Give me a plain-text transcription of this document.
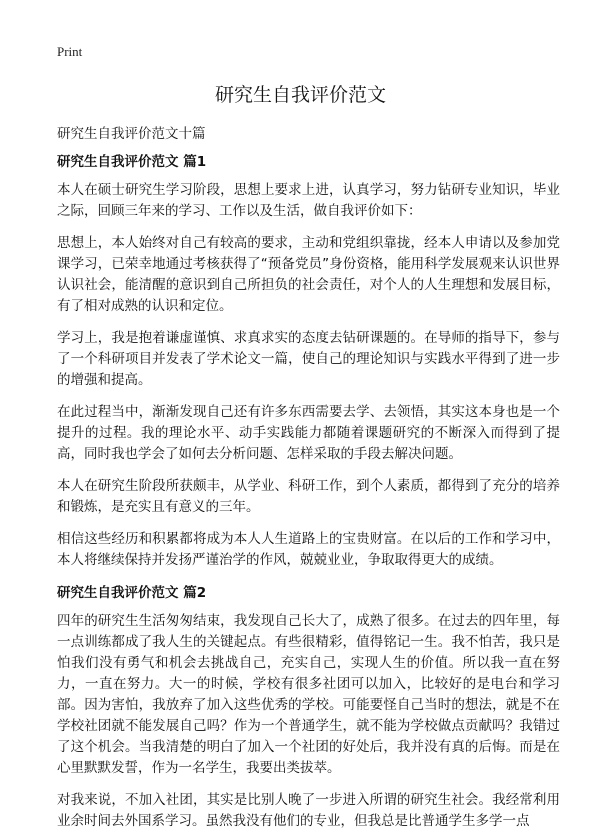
Print
研究生自我评价范文
研究生自我评价范文十篇
研究生自我评价范文 篇1

本人在硕士研究生学习阶段，思想上要求上进，认真学习，努力钻研专业知识，毕业之际，回顾三年来的学习、工作以及生活，做自我评价如下：

思想上，本人始终对自己有较高的要求，主动和党组织靠拢，经本人申请以及参加党课学习，已荣幸地通过考核获得了“预备党员”身份资格，能用科学发展观来认识世界认识社会，能清醒的意识到自己所担负的社会责任，对个人的人生理想和发展目标，有了相对成熟的认识和定位。

学习上，我是抱着谦虚谨慎、求真求实的态度去钻研课题的。在导师的指导下，参与了一个科研项目并发表了学术论文一篇，使自己的理论知识与实践水平得到了进一步的增强和提高。

在此过程当中，渐渐发现自己还有许多东西需要去学、去领悟，其实这本身也是一个提升的过程。我的理论水平、动手实践能力都随着课题研究的不断深入而得到了提高，同时我也学会了如何去分析问题、怎样采取的手段去解决问题。

本人在研究生阶段所获颇丰，从学业、科研工作，到个人素质，都得到了充分的培养和锻炼，是充实且有意义的三年。

相信这些经历和积累都将成为本人人生道路上的宝贵财富。在以后的工作和学习中，本人将继续保持并发扬严谨治学的作风，兢兢业业，争取取得更大的成绩。

研究生自我评价范文 篇2

四年的研究生生活匆匆结束，我发现自己长大了，成熟了很多。在过去的四年里，每一点训练都成了我人生的关键起点。有些很精彩，值得铭记一生。我不怕苦，我只是怕我们没有勇气和机会去挑战自己，充实自己，实现人生的价值。所以我一直在努力，一直在努力。大一的时候，学校有很多社团可以加入，比较好的是电台和学习部。因为害怕，我放弃了加入这些优秀的学校。可能要怪自己当时的想法，就是不在学校社团就不能发展自己吗？作为一个普通学生，就不能为学校做点贡献吗？我错过了这个机会。当我清楚的明白了加入一个社团的好处后，我并没有真的后悔。而是在心里默默发誓，作为一名学生，我要出类拔萃。

对我来说，不加入社团，其实是比别人晚了一步进入所谓的研究生社会。我经常利用业余时间去外国系学习。虽然我没有他们的专业，但我总是比普通学生多学一点
